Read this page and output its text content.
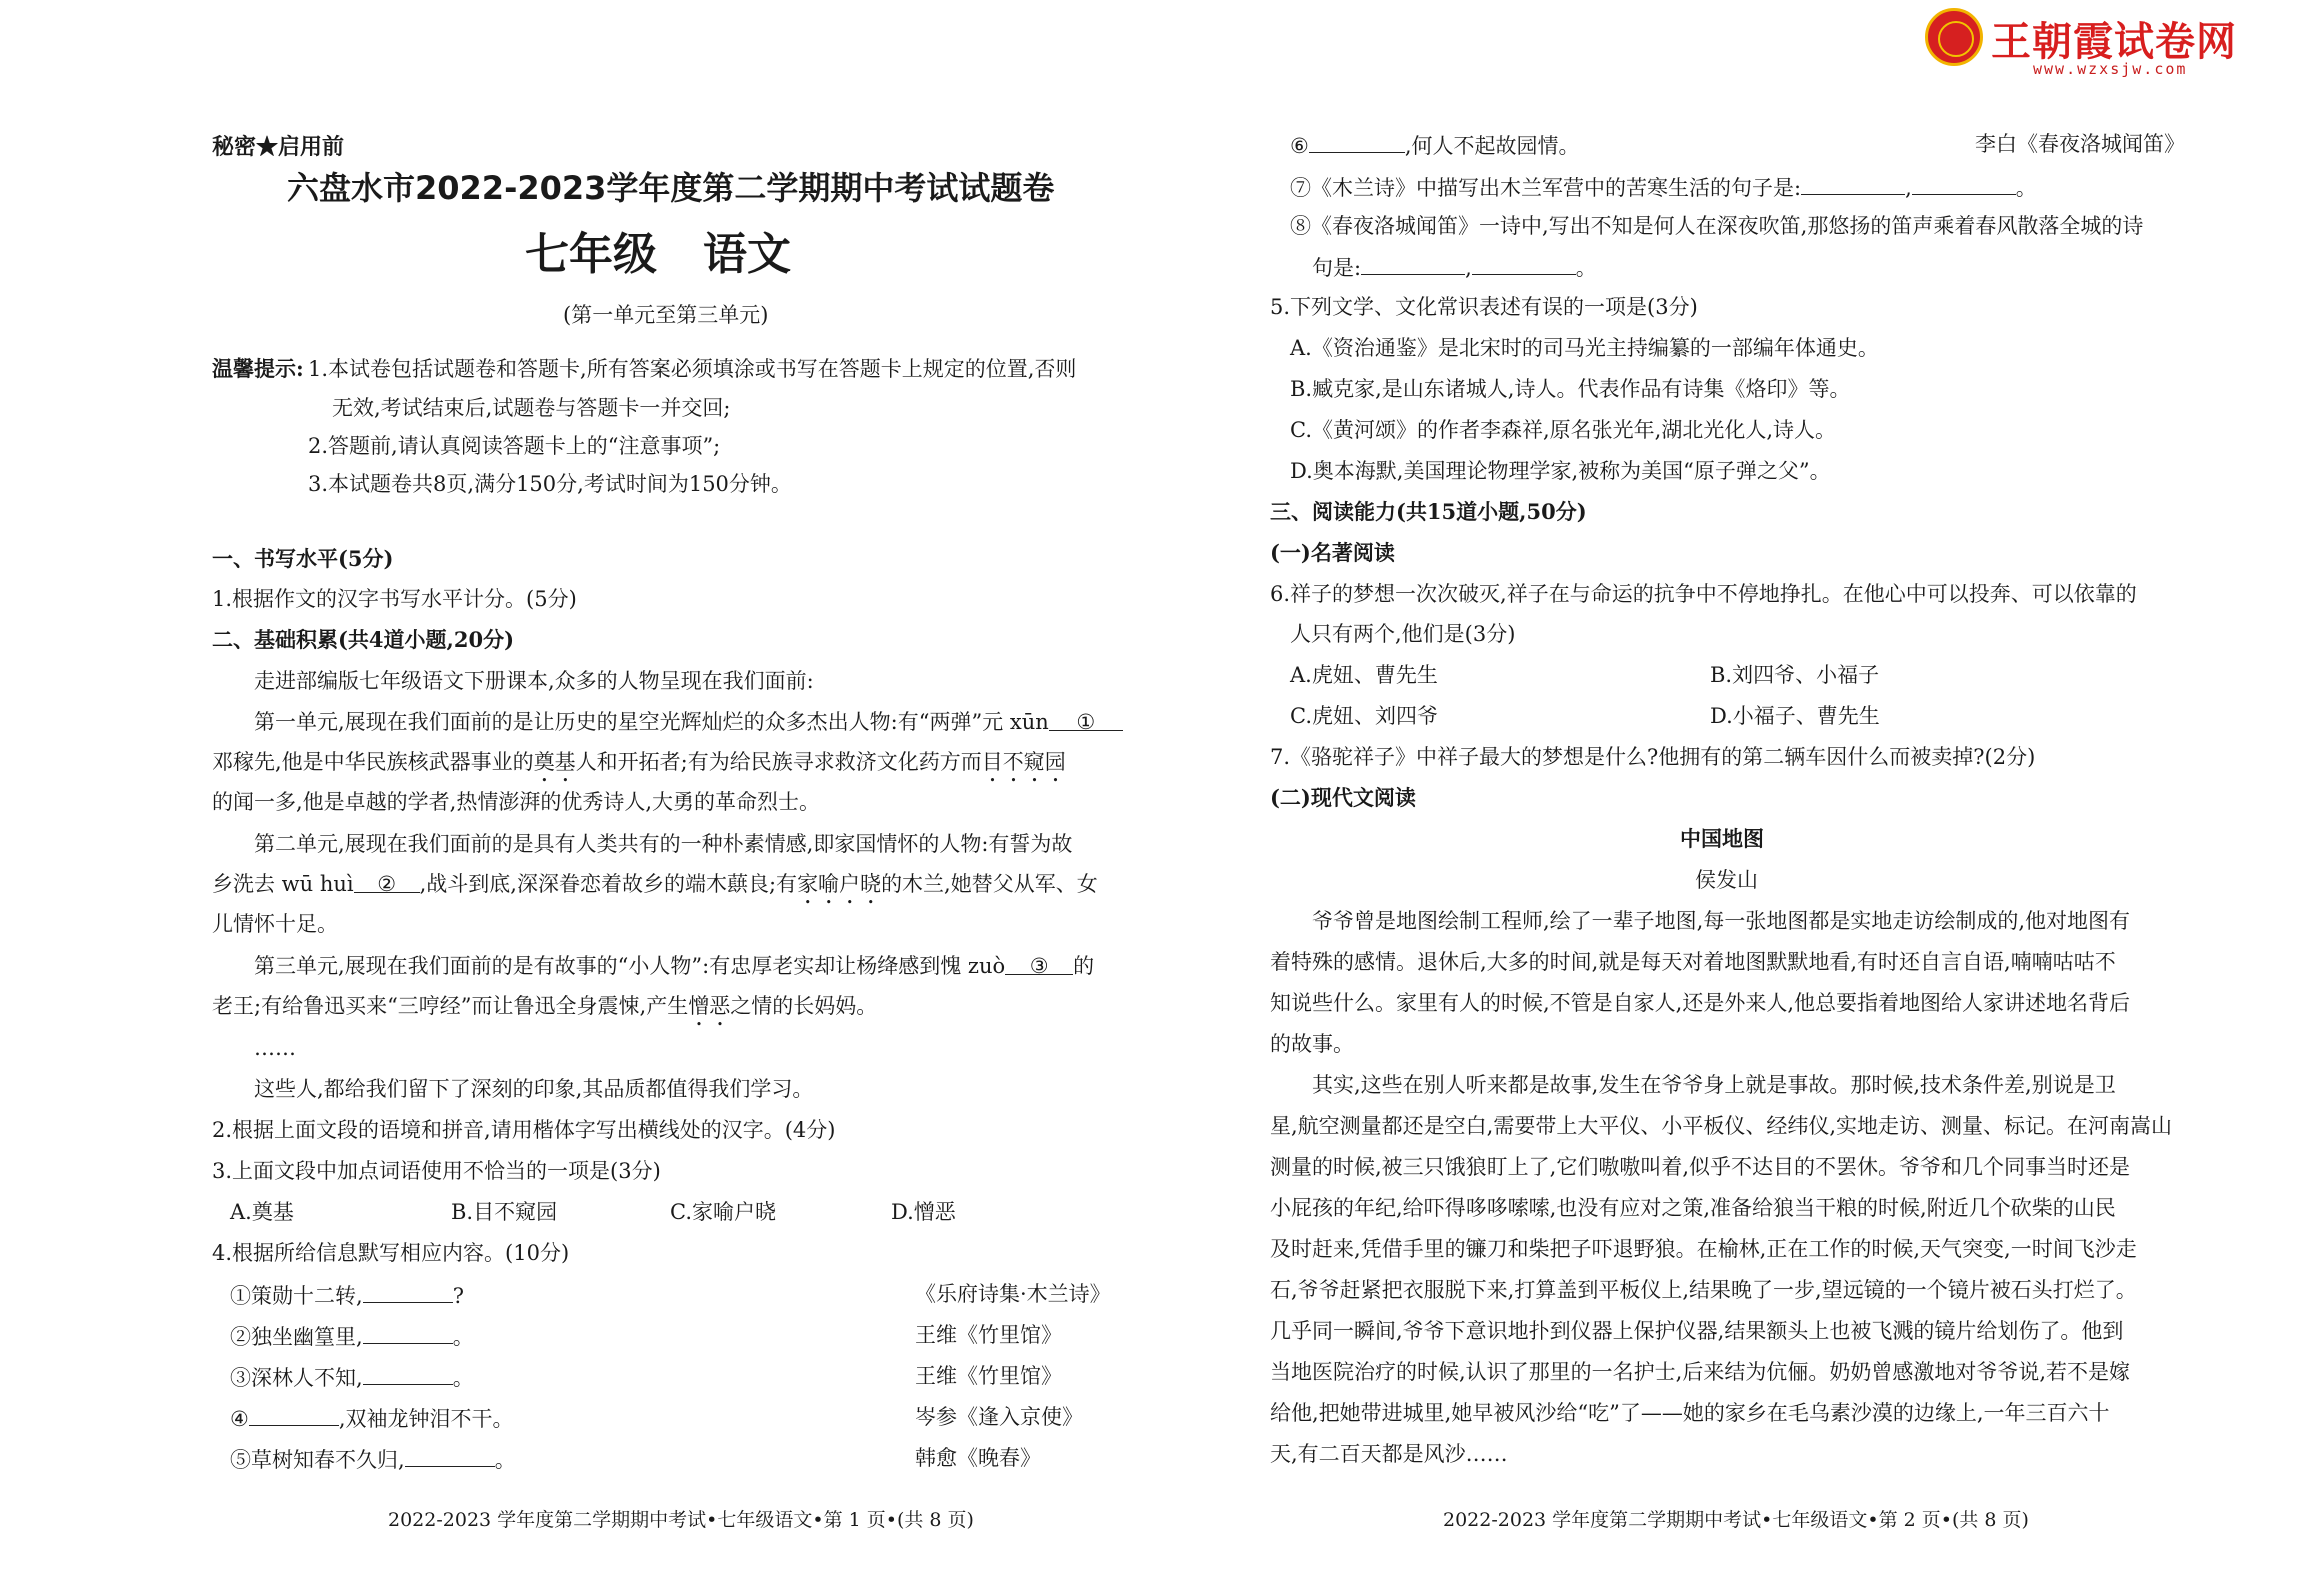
王朝霞试卷网
www.wzxsjw.com
秘密★启用前
六盘水市2022-2023学年度第二学期期中考试试题卷
七年级   语文
(第一单元至第三单元)
温馨提示: 1.本试卷包括试题卷和答题卡,所有答案必须填涂或书写在答题卡上规定的位置,否则
无效,考试结束后,试题卷与答题卡一并交回;
2.答题前,请认真阅读答题卡上的“注意事项”;
3.本试题卷共8页,满分150分,考试时间为150分钟。
一、书写水平(5分)
1.根据作文的汉字书写水平计分。(5分)
二、基础积累(共4道小题,20分)
走进部编版七年级语文下册课本,众多的人物呈现在我们面前:
第一单元,展现在我们面前的是让历史的星空光辉灿烂的众多杰出人物:有“两弹”元 xūn ①
邓稼先,他是中华民族核武器事业的奠基人和开拓者;有为给民族寻求救济文化药方而目不窥园
的闻一多,他是卓越的学者,热情澎湃的优秀诗人,大勇的革命烈士。
第二单元,展现在我们面前的是具有人类共有的一种朴素情感,即家国情怀的人物:有誓为故
乡洗去 wū huì ② ,战斗到底,深深眷恋着故乡的端木蕻良;有家喻户晓的木兰,她替父从军、女
儿情怀十足。
第三单元,展现在我们面前的是有故事的“小人物”:有忠厚老实却让杨绛感到愧 zuò ③ 的
老王;有给鲁迅买来“三哼经”而让鲁迅全身震悚,产生憎恶之情的长妈妈。
……
这些人,都给我们留下了深刻的印象,其品质都值得我们学习。
2.根据上面文段的语境和拼音,请用楷体字写出横线处的汉字。(4分)
3.上面文段中加点词语使用不恰当的一项是(3分)
A.奠基	B.目不窥园	C.家喻户晓	D.憎恶
4.根据所给信息默写相应内容。(10分)
①策勋十二转,	?	《乐府诗集·木兰诗》
②独坐幽篁里,	。	王维《竹里馆》
③深林人不知,	。	王维《竹里馆》
④	,双袖龙钟泪不干。	岑参《逢入京使》
⑤草树知春不久归,	。	韩愈《晚春》
2022-2023 学年度第二学期期中考试•七年级语文•第 1 页•(共 8 页)
⑥	,何人不起故园情。	李白《春夜洛城闻笛》
⑦《木兰诗》中描写出木兰军营中的苦寒生活的句子是:	,	。
⑧《春夜洛城闻笛》一诗中,写出不知是何人在深夜吹笛,那悠扬的笛声乘着春风散落全城的诗
句是:	,	。
5.下列文学、文化常识表述有误的一项是(3分)
A.《资治通鉴》是北宋时的司马光主持编纂的一部编年体通史。
B.臧克家,是山东诸城人,诗人。代表作品有诗集《烙印》等。
C.《黄河颂》的作者李森祥,原名张光年,湖北光化人,诗人。
D.奥本海默,美国理论物理学家,被称为美国“原子弹之父”。
三、阅读能力(共15道小题,50分)
(一)名著阅读
6.祥子的梦想一次次破灭,祥子在与命运的抗争中不停地挣扎。在他心中可以投奔、可以依靠的
人只有两个,他们是(3分)
A.虎妞、曹先生	B.刘四爷、小福子
C.虎妞、刘四爷	D.小福子、曹先生
7.《骆驼祥子》中祥子最大的梦想是什么?他拥有的第二辆车因什么而被卖掉?(2分)
(二)现代文阅读
中国地图
侯发山
爷爷曾是地图绘制工程师,绘了一辈子地图,每一张地图都是实地走访绘制成的,他对地图有
着特殊的感情。退休后,大多的时间,就是每天对着地图默默地看,有时还自言自语,喃喃咕咕不
知说些什么。家里有人的时候,不管是自家人,还是外来人,他总要指着地图给人家讲述地名背后
的故事。
其实,这些在别人听来都是故事,发生在爷爷身上就是事故。那时候,技术条件差,别说是卫
星,航空测量都还是空白,需要带上大平仪、小平板仪、经纬仪,实地走访、测量、标记。在河南嵩山
测量的时候,被三只饿狼盯上了,它们嗷嗷叫着,似乎不达目的不罢休。爷爷和几个同事当时还是
小屁孩的年纪,给吓得哆哆嗦嗦,也没有应对之策,准备给狼当干粮的时候,附近几个砍柴的山民
及时赶来,凭借手里的镰刀和柴把子吓退野狼。在榆林,正在工作的时候,天气突变,一时间飞沙走
石,爷爷赶紧把衣服脱下来,打算盖到平板仪上,结果晚了一步,望远镜的一个镜片被石头打烂了。
几乎同一瞬间,爷爷下意识地扑到仪器上保护仪器,结果额头上也被飞溅的镜片给划伤了。他到
当地医院治疗的时候,认识了那里的一名护士,后来结为伉俪。奶奶曾感激地对爷爷说,若不是嫁
给他,把她带进城里,她早被风沙给“吃”了——她的家乡在毛乌素沙漠的边缘上,一年三百六十
天,有二百天都是风沙……
2022-2023 学年度第二学期期中考试•七年级语文•第 2 页•(共 8 页)
